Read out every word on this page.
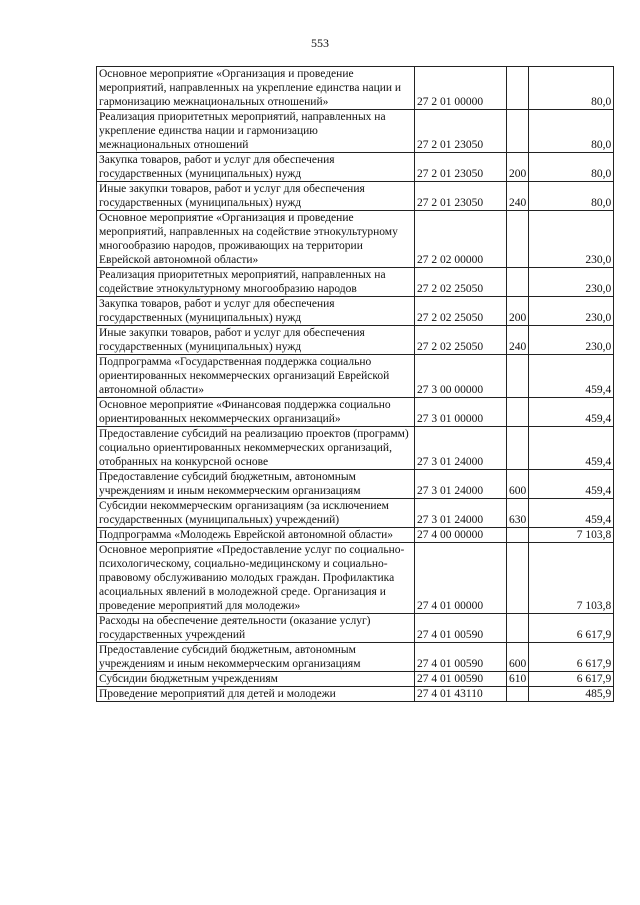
553
Основное мероприятие «Организация и проведение мероприятий, направленных на укрепление единства нации и гармонизацию межнациональных отношений»	27 2 01 00000		80,0
Реализация приоритетных мероприятий, направленных на укрепление единства нации и гармонизацию межнациональных отношений	27 2 01 23050		80,0
Закупка товаров, работ и услуг для обеспечения государственных (муниципальных) нужд	27 2 01 23050	200	80,0
Иные закупки товаров, работ и услуг для обеспечения государственных (муниципальных) нужд	27 2 01 23050	240	80,0
Основное мероприятие «Организация и проведение мероприятий, направленных на содействие этнокультурному многообразию народов, проживающих на территории Еврейской автономной области»	27 2 02 00000		230,0
Реализация приоритетных мероприятий, направленных на содействие этнокультурному многообразию народов	27 2 02 25050		230,0
Закупка товаров, работ и услуг для обеспечения государственных (муниципальных) нужд	27 2 02 25050	200	230,0
Иные закупки товаров, работ и услуг для обеспечения государственных (муниципальных) нужд	27 2 02 25050	240	230,0
Подпрограмма «Государственная поддержка социально ориентированных некоммерческих организаций Еврейской автономной области»	27 3 00 00000		459,4
Основное мероприятие «Финансовая поддержка социально ориентированных некоммерческих организаций»	27 3 01 00000		459,4
Предоставление субсидий на реализацию проектов (программ) социально ориентированных некоммерческих организаций, отобранных на конкурсной основе	27 3 01 24000		459,4
Предоставление субсидий бюджетным, автономным учреждениям и иным некоммерческим организациям	27 3 01 24000	600	459,4
Субсидии некоммерческим организациям (за исключением государственных (муниципальных) учреждений)	27 3 01 24000	630	459,4
Подпрограмма «Молодежь Еврейской автономной области»	27 4 00 00000		7 103,8
Основное мероприятие «Предоставление услуг по социально-психологическому, социально-медицинскому и социально-правовому обслуживанию молодых граждан. Профилактика асоциальных явлений в молодежной среде. Организация и проведение мероприятий для молодежи»	27 4 01 00000		7 103,8
Расходы на обеспечение деятельности (оказание услуг) государственных учреждений	27 4 01 00590		6 617,9
Предоставление субсидий бюджетным, автономным учреждениям и иным некоммерческим организациям	27 4 01 00590	600	6 617,9
Субсидии бюджетным учреждениям	27 4 01 00590	610	6 617,9
Проведение мероприятий для детей и молодежи	27 4 01 43110		485,9
